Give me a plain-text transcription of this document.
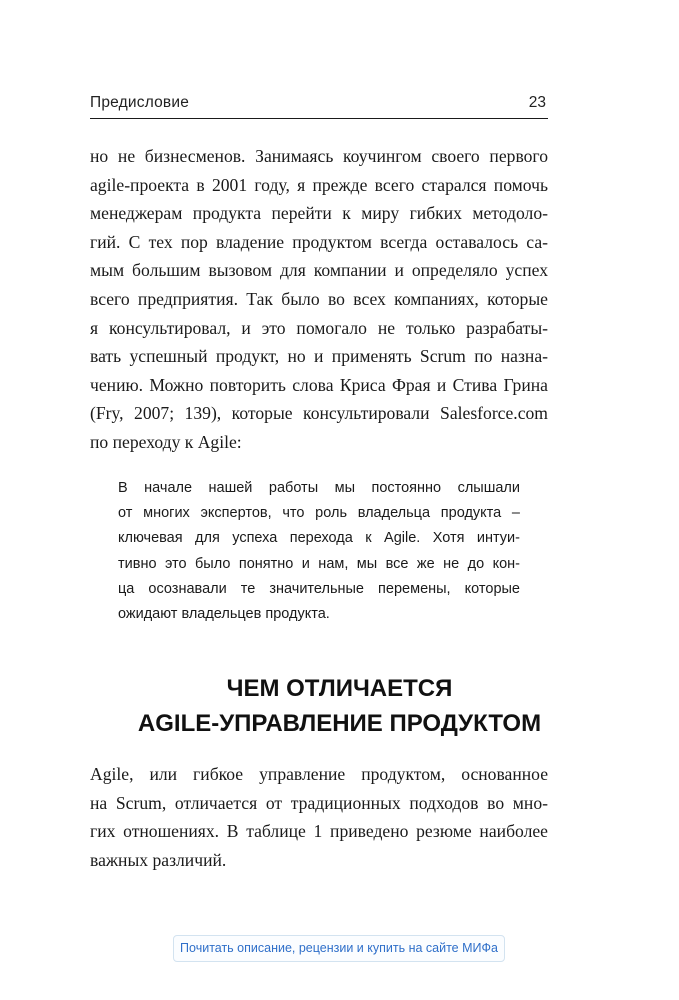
Предисловие	23
но не бизнесменов. Занимаясь коучингом своего первого
agile-проекта в 2001 году, я прежде всего старался помочь
менеджерам продукта перейти к миру гибких методоло-
гий. С тех пор владение продуктом всегда оставалось са-
мым большим вызовом для компании и определяло успех
всего предприятия. Так было во всех компаниях, которые
я консультировал, и это помогало не только разрабаты-
вать успешный продукт, но и применять Scrum по назна-
чению. Можно повторить слова Криса Фрая и Стива Грина
(Fry, 2007; 139), которые консультировали Salesforce.com
по переходу к Agile:
В начале нашей работы мы постоянно слышали
от многих экспертов, что роль владельца продукта –
ключевая для успеха перехода к Agile. Хотя интуи-
тивно это было понятно и нам, мы все же не до кон-
ца осознавали те значительные перемены, которые
ожидают владельцев продукта.
ЧЕМ ОТЛИЧАЕТСЯ
AGILE-УПРАВЛЕНИЕ ПРОДУКТОМ
Agile, или гибкое управление продуктом, основанное
на Scrum, отличается от традиционных подходов во мно-
гих отношениях. В таблице 1 приведено резюме наиболее
важных различий.
Почитать описание, рецензии и купить на сайте МИФа
